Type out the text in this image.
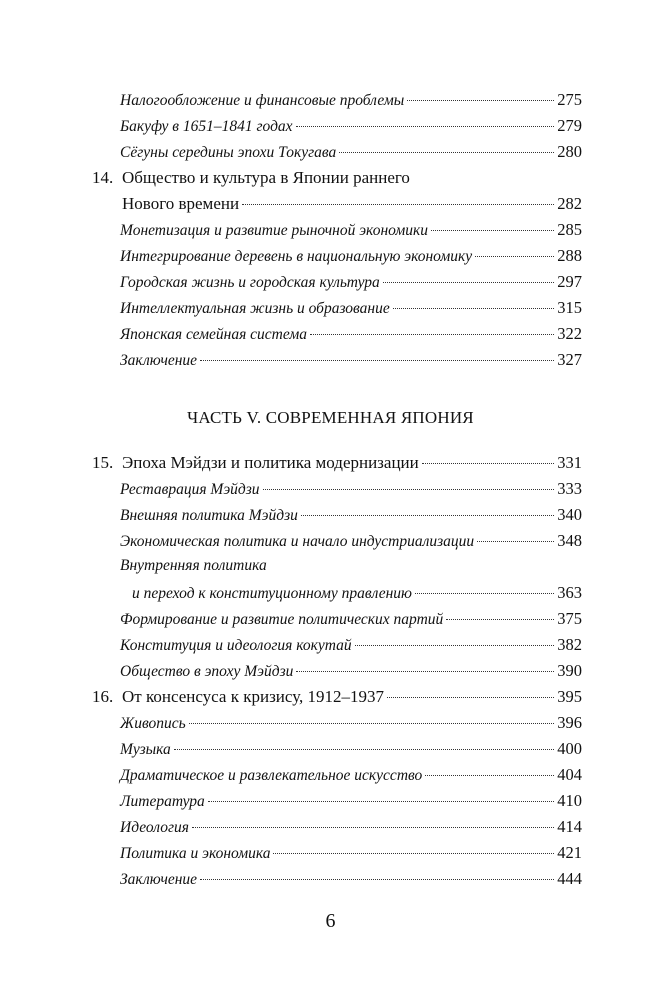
Налогообложение и финансовые проблемы	275
Бакуфу в 1651–1841 годах	279
Сёгуны середины эпохи Токугава	280
14. Общество и культура в Японии раннего
Нового времени	282
Монетизация и развитие рыночной экономики	285
Интегрирование деревень в национальную экономику	288
Городская жизнь и городская культура	297
Интеллектуальная жизнь и образование	315
Японская семейная система	322
Заключение	327
ЧАСТЬ V. СОВРЕМЕННАЯ ЯПОНИЯ
15. Эпоха Мэйдзи и политика модернизации	331
Реставрация Мэйдзи	333
Внешняя политика Мэйдзи	340
Экономическая политика и начало индустриализации	348
Внутренняя политика
и переход к конституционному правлению	363
Формирование и развитие политических партий	375
Конституция и идеология кокутай	382
Общество в эпоху Мэйдзи	390
16. От консенсуса к кризису, 1912–1937	395
Живопись	396
Музыка	400
Драматическое и развлекательное искусство	404
Литература	410
Идеология	414
Политика и экономика	421
Заключение	444
6
